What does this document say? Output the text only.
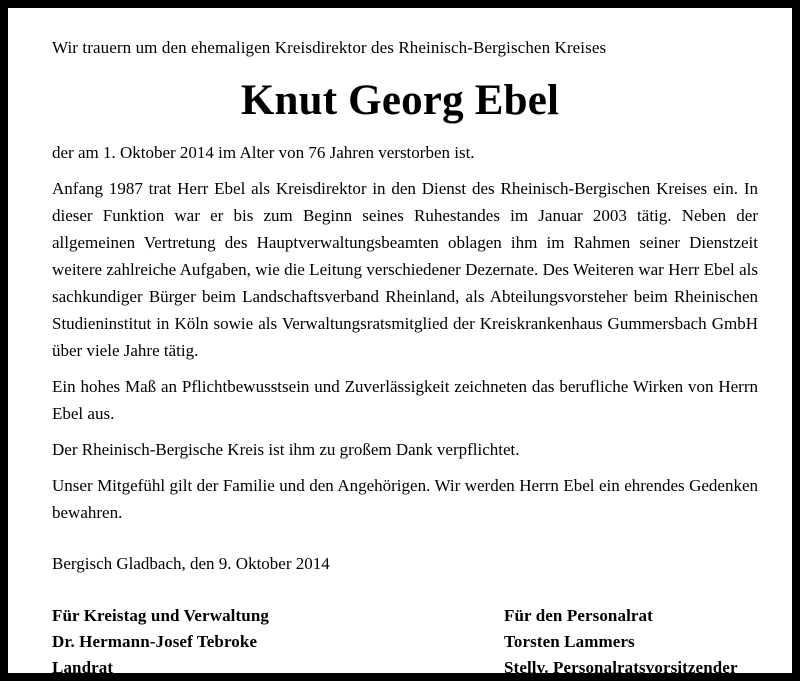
Wir trauern um den ehemaligen Kreisdirektor des Rheinisch-Bergischen Kreises
Knut Georg Ebel
der am 1. Oktober 2014 im Alter von 76 Jahren verstorben ist.

Anfang 1987 trat Herr Ebel als Kreisdirektor in den Dienst des Rheinisch-Bergischen Kreises ein. In dieser Funktion war er bis zum Beginn seines Ruhestandes im Januar 2003 tätig. Neben der allgemeinen Vertretung des Hauptverwaltungsbeamten oblagen ihm im Rahmen seiner Dienstzeit weitere zahlreiche Aufgaben, wie die Leitung verschiedener Dezernate. Des Weiteren war Herr Ebel als sachkundiger Bürger beim Landschaftsverband Rheinland, als Abteilungsvorsteher beim Rheinischen Studieninstitut in Köln sowie als Verwaltungsratsmitglied der Kreiskrankenhaus Gummersbach GmbH über viele Jahre tätig.

Ein hohes Maß an Pflichtbewusstsein und Zuverlässigkeit zeichneten das berufliche Wirken von Herrn Ebel aus.

Der Rheinisch-Bergische Kreis ist ihm zu großem Dank verpflichtet.

Unser Mitgefühl gilt der Familie und den Angehörigen. Wir werden Herrn Ebel ein ehrendes Gedenken bewahren.

Bergisch Gladbach, den 9. Oktober 2014
Für Kreistag und Verwaltung
Dr. Hermann-Josef Tebroke
Landrat
Für den Personalrat
Torsten Lammers
Stellv. Personalratsvorsitzender
